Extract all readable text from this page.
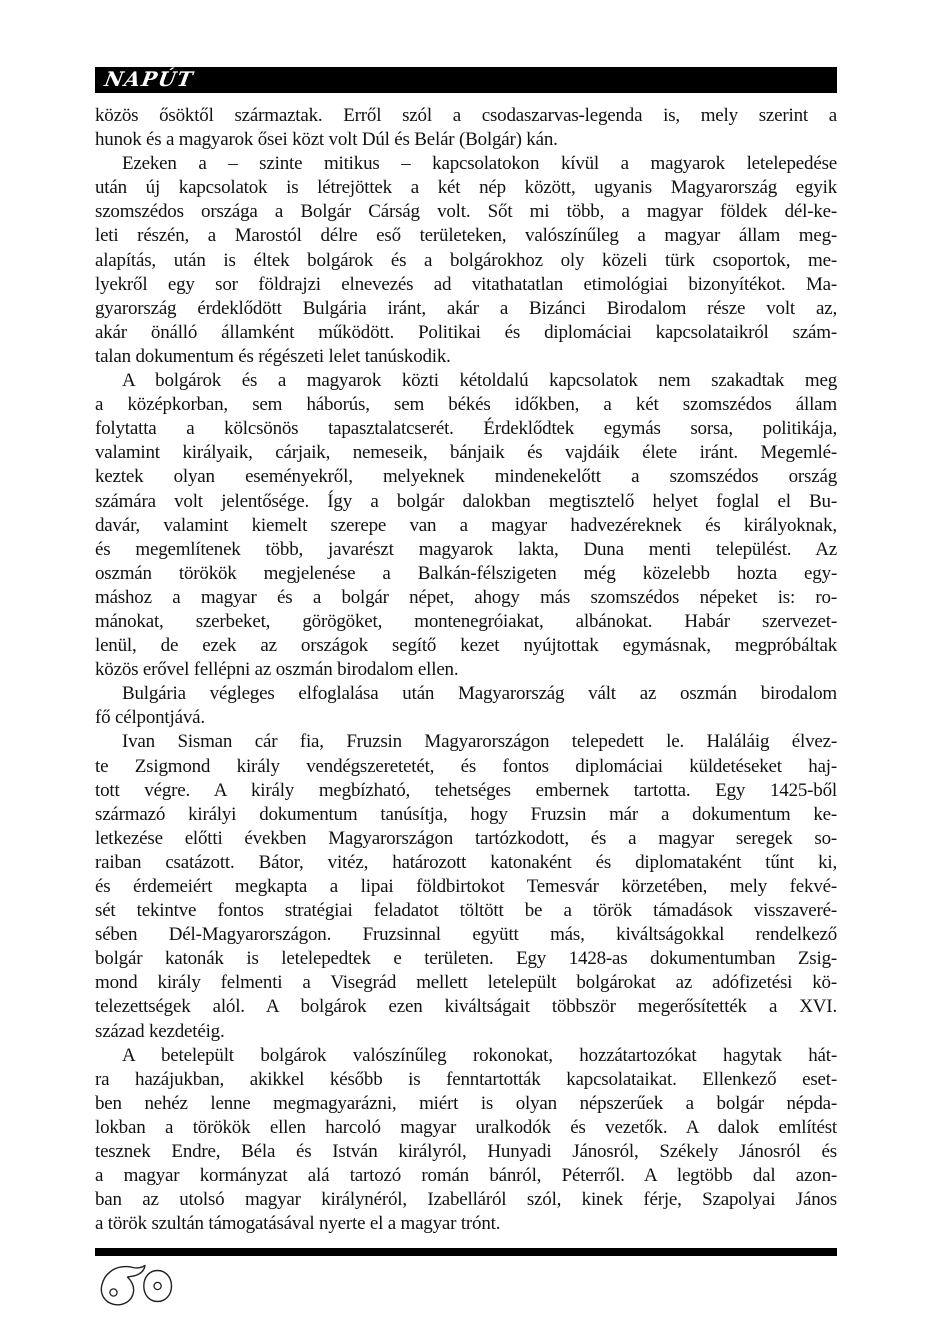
NAPÚT
közös ősöktől származtak. Erről szól a csodaszarvas-legenda is, mely szerint a
hunok és a magyarok ősei közt volt Dúl és Belár (Bolgár) kán.
Ezeken a – szinte mitikus – kapcsolatokon kívül a magyarok letelepedése
után új kapcsolatok is létrejöttek a két nép között, ugyanis Magyarország egyik
szomszédos országa a Bolgár Cárság volt. Sőt mi több, a magyar földek dél-ke-
leti részén, a Marostól délre eső területeken, valószínűleg a magyar állam meg-
alapítás, után is éltek bolgárok és a bolgárokhoz oly közeli türk csoportok, me-
lyekről egy sor földrajzi elnevezés ad vitathatatlan etimológiai bizonyítékot. Ma-
gyarország érdeklődött Bulgária iránt, akár a Bizánci Birodalom része volt az,
akár önálló államként működött. Politikai és diplomáciai kapcsolataikról szám-
talan dokumentum és régészeti lelet tanúskodik.
A bolgárok és a magyarok közti kétoldalú kapcsolatok nem szakadtak meg
a középkorban, sem háborús, sem békés időkben, a két szomszédos állam
folytatta a kölcsönös tapasztalatcserét. Érdeklődtek egymás sorsa, politikája,
valamint királyaik, cárjaik, nemeseik, bánjaik és vajdáik élete iránt. Megemlé-
keztek olyan eseményekről, melyeknek mindenekelőtt a szomszédos ország
számára volt jelentősége. Így a bolgár dalokban megtisztelő helyet foglal el Bu-
davár, valamint kiemelt szerepe van a magyar hadvezéreknek és királyoknak,
és megemlítenek több, javarészt magyarok lakta, Duna menti települést. Az
oszmán törökök megjelenése a Balkán-félszigeten még közelebb hozta egy-
máshoz a magyar és a bolgár népet, ahogy más szomszédos népeket is: ro-
mánokat, szerbeket, görögöket, montenegróiakat, albánokat. Habár szervezet-
lenül, de ezek az országok segítő kezet nyújtottak egymásnak, megpróbáltak
közös erővel fellépni az oszmán birodalom ellen.
Bulgária végleges elfoglalása után Magyarország vált az oszmán birodalom
fő célpontjává.
Ivan Sisman cár fia, Fruzsin Magyarországon telepedett le. Haláláig élvez-
te Zsigmond király vendégszeretetét, és fontos diplomáciai küldetéseket haj-
tott végre. A király megbízható, tehetséges embernek tartotta. Egy 1425-ből
származó királyi dokumentum tanúsítja, hogy Fruzsin már a dokumentum ke-
letkezése előtti években Magyarországon tartózkodott, és a magyar seregek so-
raiban csatázott. Bátor, vitéz, határozott katonaként és diplomataként tűnt ki,
és érdemeiért megkapta a lipai földbirtokot Temesvár körzetében, mely fekvé-
sét tekintve fontos stratégiai feladatot töltött be a török támadások visszaveré-
sében Dél-Magyarországon. Fruzsinnal együtt más, kiváltságokkal rendelkező
bolgár katonák is letelepedtek e területen. Egy 1428-as dokumentumban Zsig-
mond király felmenti a Visegrád mellett letelepült bolgárokat az adófizetési kö-
telezettségek alól. A bolgárok ezen kiváltságait többször megerősítették a XVI.
század kezdetéig.
A betelepült bolgárok valószínűleg rokonokat, hozzátartozókat hagytak hát-
ra hazájukban, akikkel később is fenntartották kapcsolataikat. Ellenkező eset-
ben nehéz lenne megmagyarázni, miért is olyan népszerűek a bolgár népda-
lokban a törökök ellen harcoló magyar uralkodók és vezetők. A dalok említést
tesznek Endre, Béla és István királyról, Hunyadi Jánosról, Székely Jánosról és
a magyar kormányzat alá tartozó román bánról, Péterről. A legtöbb dal azon-
ban az utolsó magyar királynéról, Izabelláról szól, kinek férje, Szapolyai János
a török szultán támogatásával nyerte el a magyar trónt.
